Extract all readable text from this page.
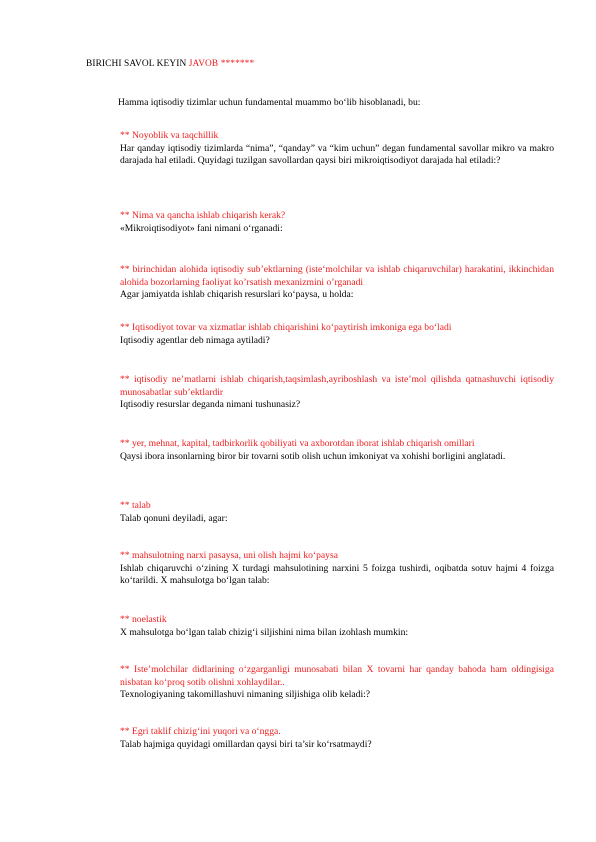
BIRICHI SAVOL KEYIN JAVOB *******
Hamma iqtisodiy tizimlar uchun fundamental muammo bo‘lib hisoblanadi, bu:
** Noyoblik va taqchillik
Har qanday iqtisodiy tizimlarda “nima”, “qanday” va “kim uchun” degan fundamental savollar mikro va makro darajada hal etiladi. Quyidagi tuzilgan savollardan qaysi biri mikroiqtisodiyot darajada hal etiladi:?
** Nima va qancha ishlab chiqarish kerak?
«Mikroiqtisodiyot» fani nimani o‘rganadi:
** birinchidan alohida iqtisodiy sub’ektlarning (iste‘molchilar va ishlab chiqaruvchilar) harakatini, ikkinchidan alohida bozorlarning faoliyat ko’rsatish mexanizmini o’rganadi
Agar jamiyatda ishlab chiqarish resurslari ko‘paysa, u holda:
** Iqtisodiyot tovar va xizmatlar ishlab chiqarishini ko‘paytirish imkoniga ega bo‘ladi
Iqtisodiy agentlar deb nimaga aytiladi?
** iqtisodiy ne’matlarni ishlab chiqarish,taqsimlash,ayriboshlash va iste’mol qilishda qatnashuvchi iqtisodiy munosabatlar sub’ektlardir
Iqtisodiy resurslar deganda nimani tushunasiz?
** yer, mehnat, kapital, tadbirkorlik qobiliyati va axborotdan iborat ishlab chiqarish omillari
Qaysi ibora insonlarning biror bir tovarni sotib olish uchun imkoniyat va xohishi borligini anglatadi.
** talab
Talab qonuni deyiladi, agar:
** mahsulotning narxi pasaysa, uni olish hajmi ko‘paysa
Ishlab chiqaruvchi o‘zining X turdagi mahsulotining narxini 5 foizga tushirdi, oqibatda sotuv hajmi 4 foizga ko‘tarildi. X mahsulotga bo‘lgan talab:
** noelastik
X mahsulotga bo‘lgan talab chizig‘i siljishini nima bilan izohlash mumkin:
** Iste’molchilar didlarining o‘zgarganligi munosabati bilan X tovarni har qanday bahoda ham oldingisiga nisbatan ko‘proq sotib olishni xohlaydilar..
Texnologiyaning takomillashuvi nimaning siljishiga olib keladi:?
** Egri taklif chizig‘ini yuqori va o‘ngga.
Talab hajmiga quyidagi omillardan qaysi biri ta’sir ko‘rsatmaydi?
